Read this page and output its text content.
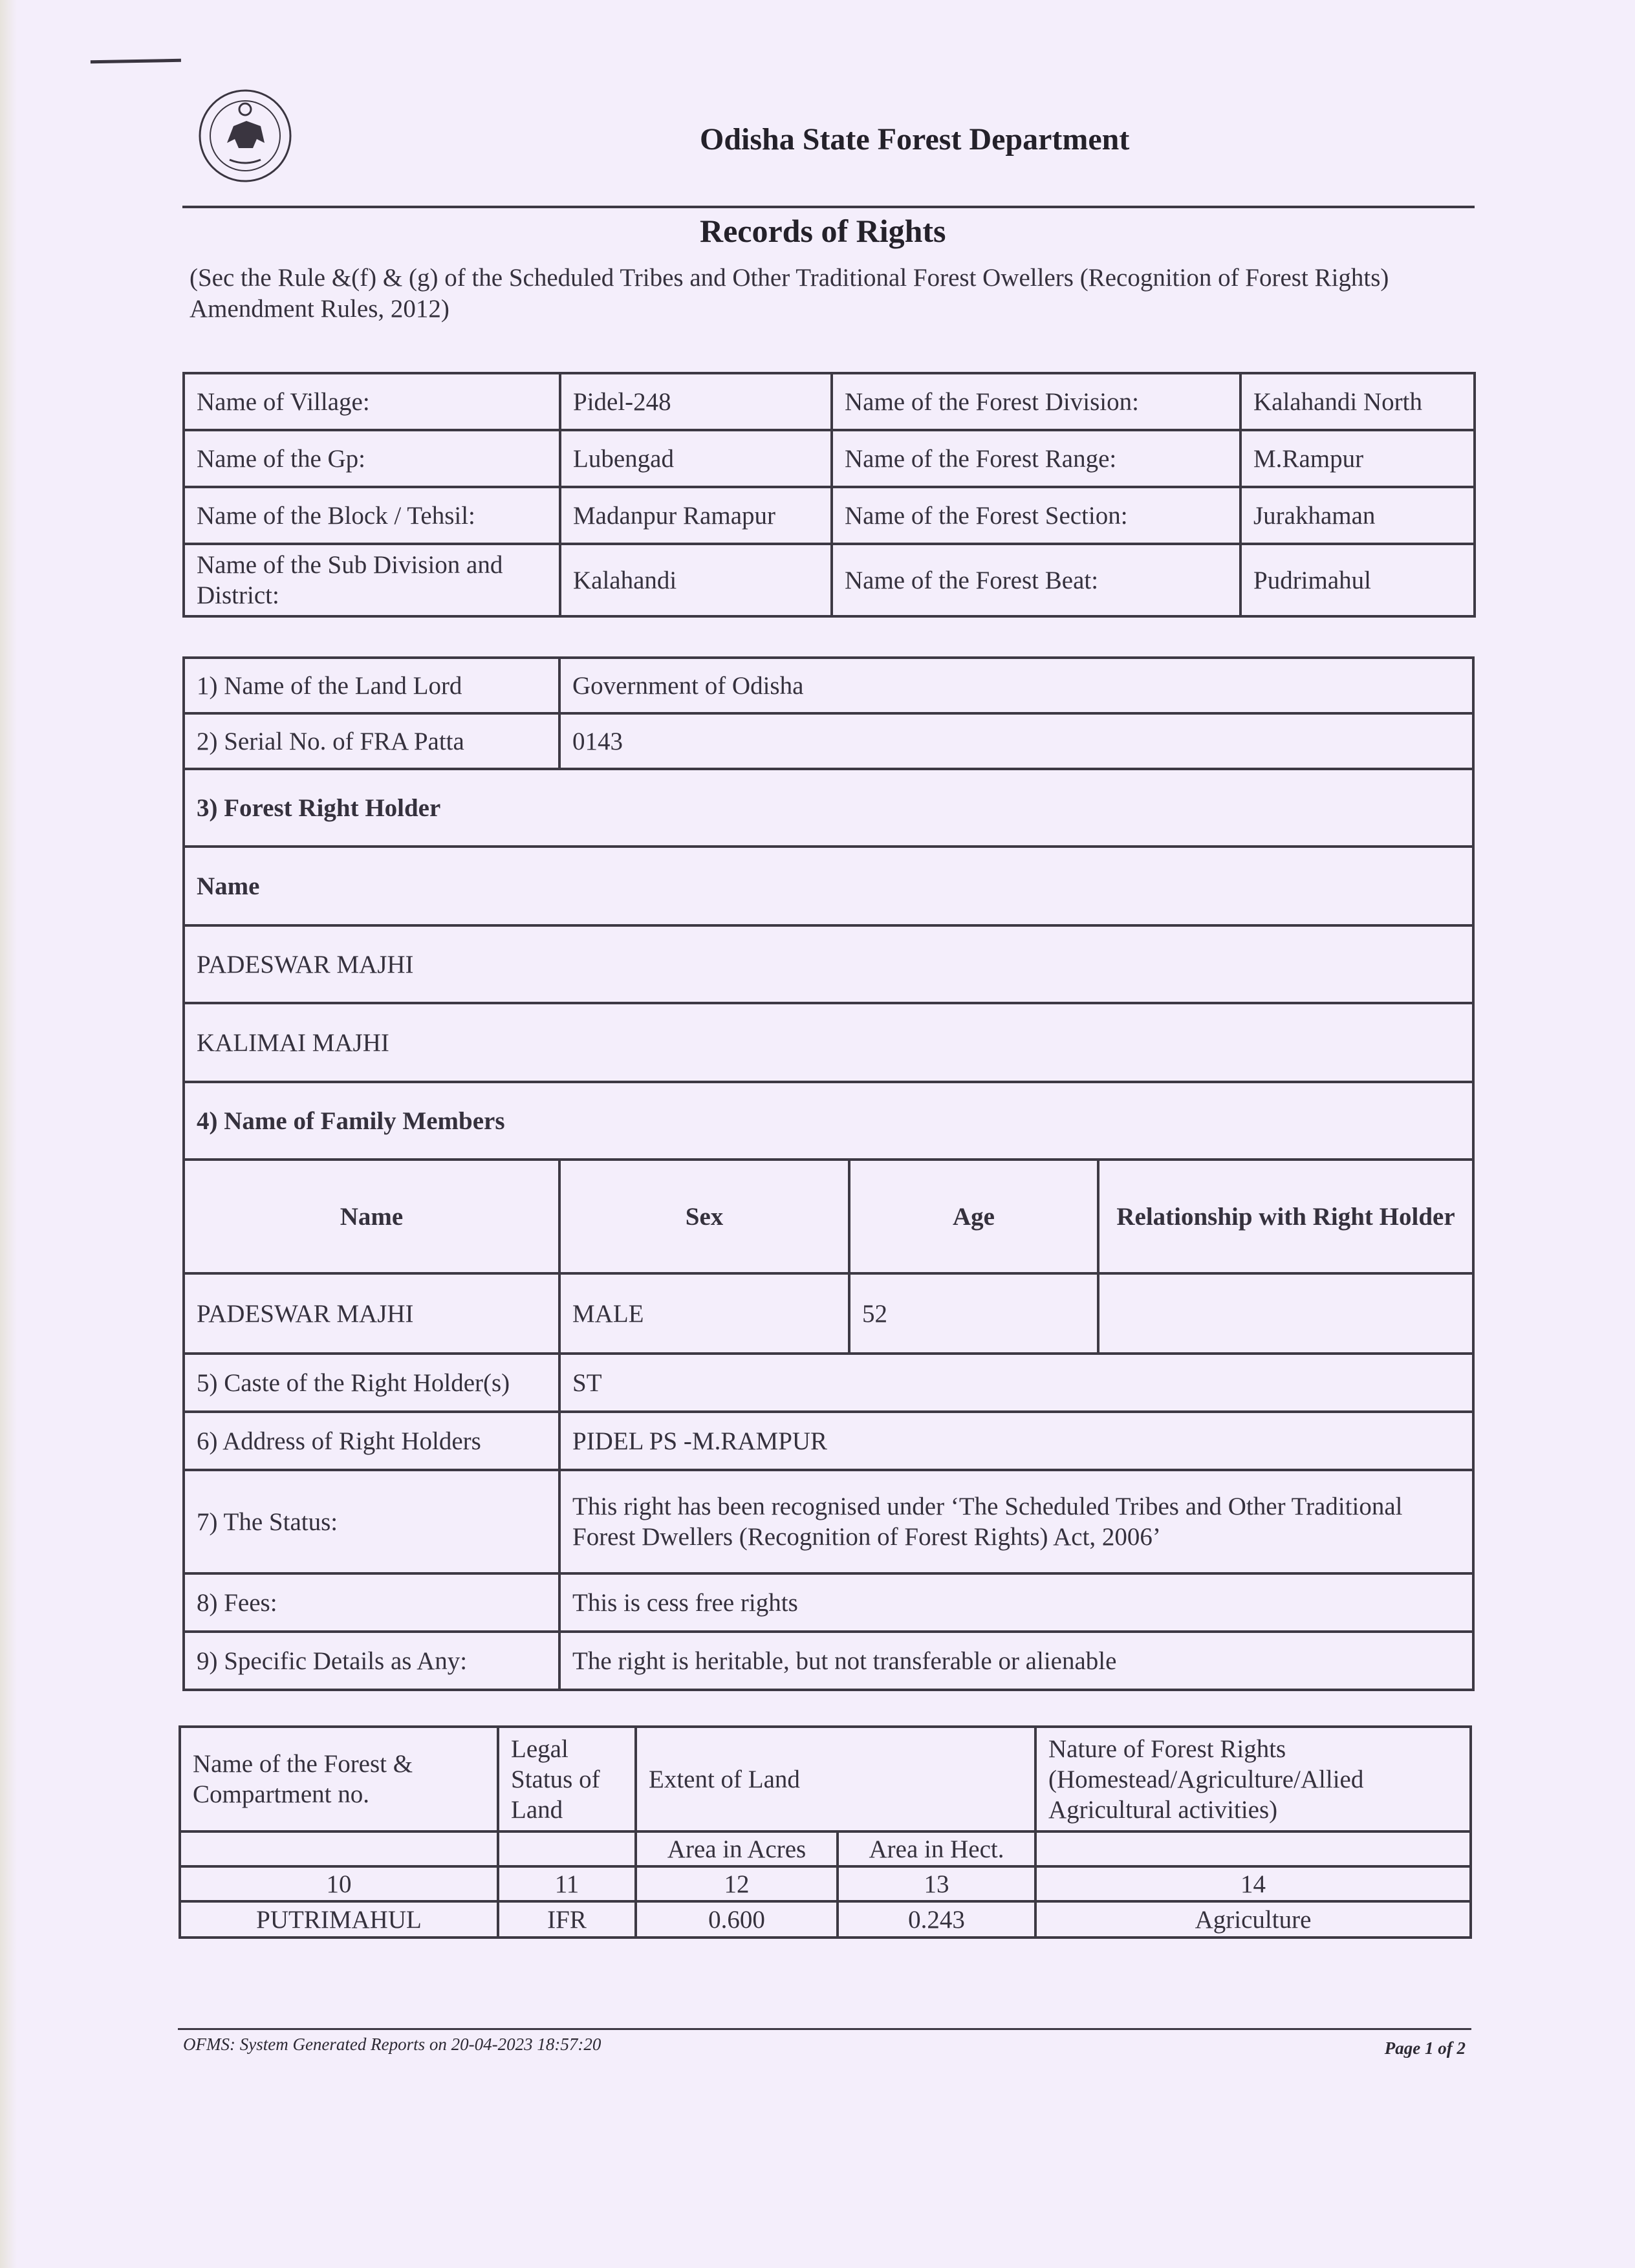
Odisha State Forest Department
Records of Rights
(Sec the Rule &(f) & (g) of the Scheduled Tribes and Other Traditional Forest Owellers (Recognition of Forest Rights) Amendment Rules, 2012)
Name of Village:	Pidel-248	Name of the Forest Division:	Kalahandi North
Name of the Gp:	Lubengad	Name of the Forest Range:	M.Rampur
Name of the Block / Tehsil:	Madanpur Ramapur	Name of the Forest Section:	Jurakhaman
Name of the Sub Division and District:	Kalahandi	Name of the Forest Beat:	Pudrimahul
1) Name of the Land Lord	Government of Odisha		
2) Serial No. of FRA Patta	0143		
3) Forest Right Holder			
Name			
PADESWAR MAJHI			
KALIMAI MAJHI			
4) Name of Family Members			
Name	Sex	Age	Relationship with Right Holder
PADESWAR MAJHI	MALE	52	
5) Caste of the Right Holder(s)	ST		
6) Address of Right Holders	PIDEL PS -M.RAMPUR		
7) The Status:	This right has been recognised under ‘The Scheduled Tribes and Other Traditional
Forest Dwellers (Recognition of Forest Rights) Act, 2006’		

8) Fees:	This is cess free rights		
9) Specific Details as Any:	The right is heritable, but not transferable or alienable		
Name of the Forest & Compartment no.	Legal Status of Land	Extent of Land		Nature of Forest Rights (Homestead/Agriculture/Allied Agricultural activities)
		Area in Acres	Area in Hect.	
10	11	12	13	14
PUTRIMAHUL	IFR	0.600	0.243	Agriculture
OFMS: System Generated Reports on 20-04-2023 18:57:20	Page 1 of 2
